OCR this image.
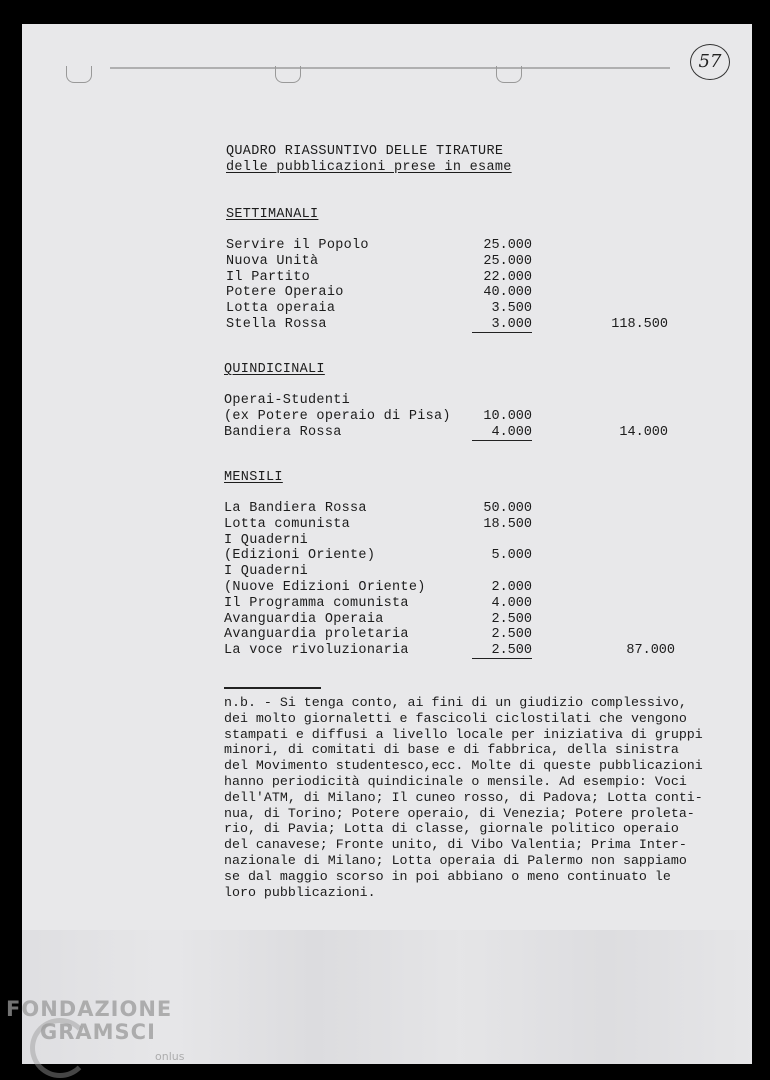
57
QUADRO RIASSUNTIVO DELLE TIRATURE
delle pubblicazioni prese in esame
SETTIMANALI
Servire il Popolo	25.000
Nuova Unità	25.000
Il Partito	22.000
Potere Operaio	40.000
Lotta operaia	3.500
Stella Rossa	3.000	118.500
QUINDICINALI
Operai-Studenti
(ex Potere operaio di Pisa)	10.000
Bandiera Rossa	4.000	14.000
MENSILI
La Bandiera Rossa	50.000
Lotta comunista	18.500
I Quaderni
(Edizioni Oriente)	5.000
I Quaderni
(Nuove Edizioni Oriente)	2.000
Il Programma comunista	4.000
Avanguardia Operaia	2.500
Avanguardia proletaria	2.500
La voce rivoluzionaria	2.500	87.000
n.b. - Si tenga conto, ai fini di un giudizio complessivo,
dei molto giornaletti e fascicoli ciclostilati che vengono
stampati e diffusi a livello locale per iniziativa di gruppi
minori, di comitati di base e di fabbrica, della sinistra
del Movimento studentesco,ecc. Molte di queste pubblicazioni
hanno periodicità quindicinale o mensile. Ad esempio: Voci
dell'ATM, di Milano; Il cuneo rosso, di Padova; Lotta conti-
nua, di Torino; Potere operaio, di Venezia; Potere proleta-
rio, di Pavia; Lotta di classe, giornale politico operaio
del canavese; Fronte unito, di Vibo Valentia; Prima Inter-
nazionale di Milano; Lotta operaia di Palermo non sappiamo
se dal maggio scorso in poi abbiano o meno continuato le
loro pubblicazioni.
FONDAZIONE
GRAMSCI
onlus
